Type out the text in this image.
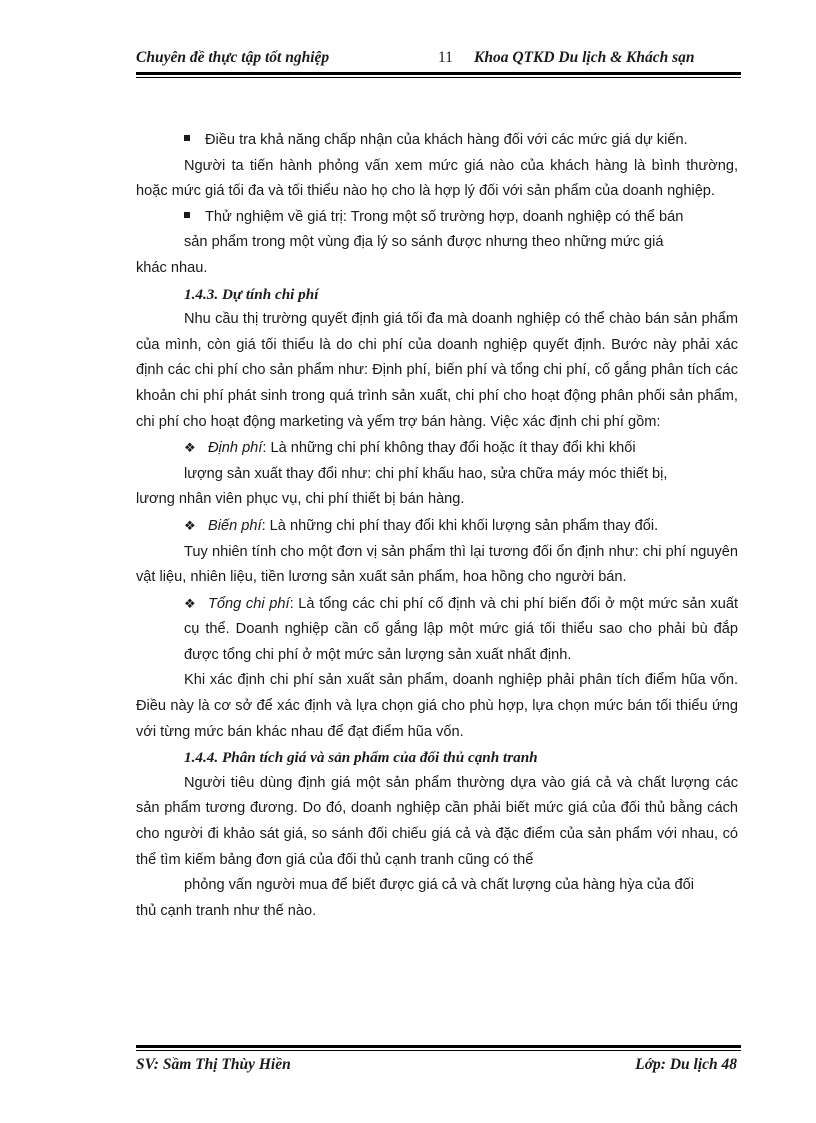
Chuyên đề thực tập tốt nghiệp	11 Khoa QTKD Du lịch & Khách sạn

Điều tra khả năng chấp nhận của khách hàng đối với các mức giá dự kiến.

Người ta tiến hành phỏng vấn xem mức giá nào của khách hàng là bình thường, hoặc mức giá tối đa và tối thiểu nào họ cho là hợp lý đối với sản phẩm của doanh nghiệp.

Thử nghiệm về giá trị: Trong một số trường hợp, doanh nghiệp có thể bán

sản phẩm trong một vùng địa lý so sánh được nhưng theo những mức giá

khác nhau.

1.4.3. Dự tính chi phí

Nhu cầu thị trường quyết định giá tối đa mà doanh nghiệp có thể chào bán sản phẩm của mình, còn giá tối thiểu là do chi phí của doanh nghiệp quyết định. Bước này phải xác định các chi phí cho sản phẩm như: Định phí, biến phí và tổng chi phí, cố gắng phân tích các khoản chi phí phát sinh trong quá trình sản xuất, chi phí cho hoạt động phân phối sản phẩm, chi phí cho hoạt động marketing và yểm trợ bán hàng. Việc xác định chi phí gồm:

❖ Định phí: Là những chi phí không thay đổi hoặc ít thay đổi khi khối

lượng sản xuất thay đổi như: chi phí khấu hao, sửa chữa máy móc thiết bị,

lương nhân viên phục vụ, chi phí thiết bị bán hàng.

❖ Biến phí: Là những chi phí thay đổi khi khối lượng sản phẩm thay đổi.

Tuy nhiên tính cho một đơn vị sản phẩm thì lại tương đối ổn định như: chi phí nguyên vật liệu, nhiên liệu, tiền lương sản xuất sản phẩm, hoa hồng cho người bán.

❖ Tổng chi phí: Là tổng các chi phí cố định và chi phí biến đổi ở một mức sản xuất cụ thể. Doanh nghiệp cần cố gắng lập một mức giá tối thiểu sao cho phải bù đắp được tổng chi phí ở một mức sản lượng sản xuất nhất định.

Khi xác định chi phí sản xuất sản phẩm, doanh nghiệp phải phân tích điểm hũa vốn. Điều này là cơ sở để xác định và lựa chọn giá cho phù hợp, lựa chọn mức bán tối thiểu ứng với từng mức bán khác nhau để đạt điểm hũa vốn.

1.4.4. Phân tích giá và sản phẩm của đối thủ cạnh tranh

Người tiêu dùng định giá một sản phẩm thường dựa vào giá cả và chất lượng các sản phẩm tương đương. Do đó, doanh nghiệp cần phải biết mức giá của đối thủ bằng cách cho người đi khảo sát giá, so sánh đối chiếu giá cả và đặc điểm của sản phẩm với nhau, có thể tìm kiếm bảng đơn giá của đối thủ cạnh tranh cũng có thể

phỏng vấn người mua để biết được giá cả và chất lượng của hàng hỳa của đối

thủ cạnh tranh như thế nào.

SV: Sầm Thị Thùy Hiền	Lớp: Du lịch 48
